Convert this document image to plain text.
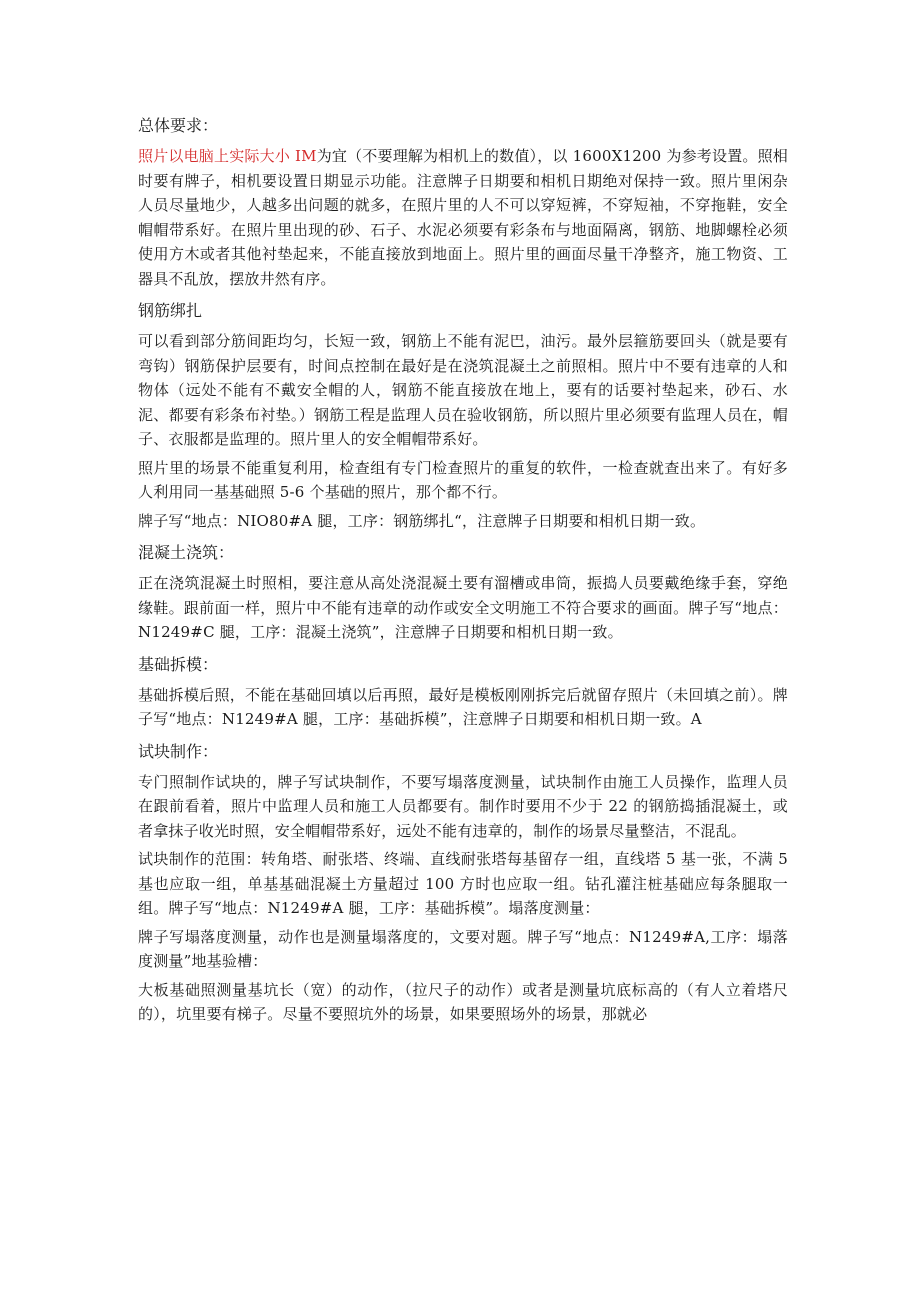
总体要求：

照片以电脑上实际大小 IM为宜（不要理解为相机上的数值），以 1600X1200 为参考设置。照相时要有牌子，相机要设置日期显示功能。注意牌子日期要和相机日期绝对保持一致。照片里闲杂人员尽量地少，人越多出问题的就多，在照片里的人不可以穿短裤，不穿短袖，不穿拖鞋，安全帽帽带系好。在照片里出现的砂、石子、水泥必须要有彩条布与地面隔离，钢筋、地脚螺栓必须使用方木或者其他衬垫起来，不能直接放到地面上。照片里的画面尽量干净整齐，施工物资、工器具不乱放，摆放井然有序。

钢筋绑扎

可以看到部分筋间距均匀，长短一致，钢筋上不能有泥巴，油污。最外层箍筋要回头（就是要有弯钩）钢筋保护层要有，时间点控制在最好是在浇筑混凝土之前照相。照片中不要有违章的人和物体（远处不能有不戴安全帽的人，钢筋不能直接放在地上，要有的话要衬垫起来，砂石、水泥、都要有彩条布衬垫。）钢筋工程是监理人员在验收钢筋，所以照片里必须要有监理人员在，帽子、衣服都是监理的。照片里人的安全帽帽带系好。

照片里的场景不能重复利用，检查组有专门检查照片的重复的软件，一检查就查出来了。有好多人利用同一基基础照 5-6 个基础的照片，那个都不行。

牌子写“地点：NIO80#A 腿，工序：钢筋绑扎“，注意牌子日期要和相机日期一致。

混凝土浇筑：

正在浇筑混凝土时照相，要注意从高处浇混凝土要有溜槽或串筒，振捣人员要戴绝缘手套，穿绝缘鞋。跟前面一样，照片中不能有违章的动作或安全文明施工不符合要求的画面。牌子写“地点：N1249#C 腿，工序：混凝土浇筑”，注意牌子日期要和相机日期一致。

基础拆模：

基础拆模后照，不能在基础回填以后再照，最好是模板刚刚拆完后就留存照片（未回填之前）。牌子写“地点：N1249#A 腿，工序：基础拆模”，注意牌子日期要和相机日期一致。A

试块制作：

专门照制作试块的，牌子写试块制作，不要写塌落度测量，试块制作由施工人员操作，监理人员在跟前看着，照片中监理人员和施工人员都要有。制作时要用不少于 22 的钢筋捣插混凝土，或者拿抹子收光时照，安全帽帽带系好，远处不能有违章的，制作的场景尽量整洁，不混乱。

试块制作的范围：转角塔、耐张塔、终端、直线耐张塔每基留存一组，直线塔 5 基一张，不满 5 基也应取一组，单基基础混凝土方量超过 100 方时也应取一组。钻孔灌注桩基础应每条腿取一组。牌子写“地点：N1249#A 腿，工序：基础拆模”。塌落度测量：

牌子写塌落度测量，动作也是测量塌落度的，文要对题。牌子写“地点：N1249#A,工序：塌落度测量”地基验槽：

大板基础照测量基坑长（宽）的动作，（拉尺子的动作）或者是测量坑底标高的（有人立着塔尺的），坑里要有梯子。尽量不要照坑外的场景，如果要照场外的场景，那就必
